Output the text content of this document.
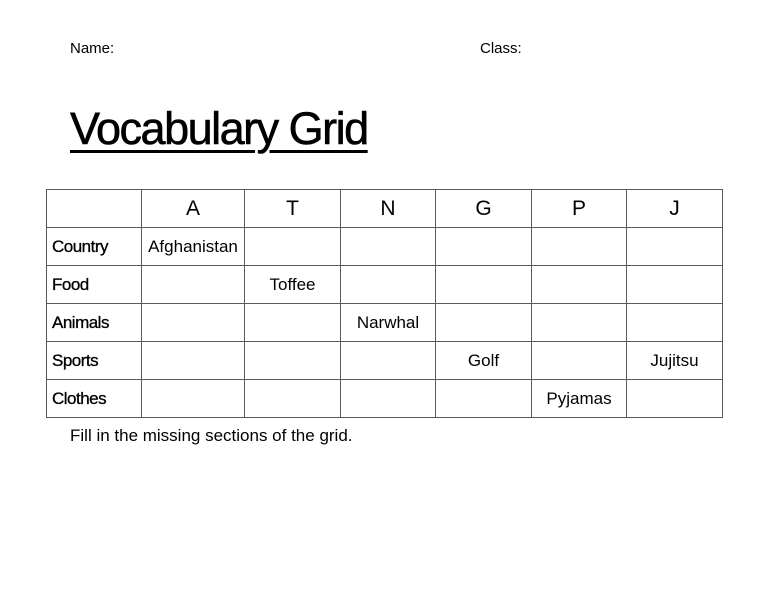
Name:	Class:
Vocabulary Grid
	A	T	N	G	P	J
Country	Afghanistan					
Food		Toffee				
Animals			Narwhal			
Sports				Golf		Jujitsu
Clothes					Pyjamas	
Fill in the missing sections of the grid.
